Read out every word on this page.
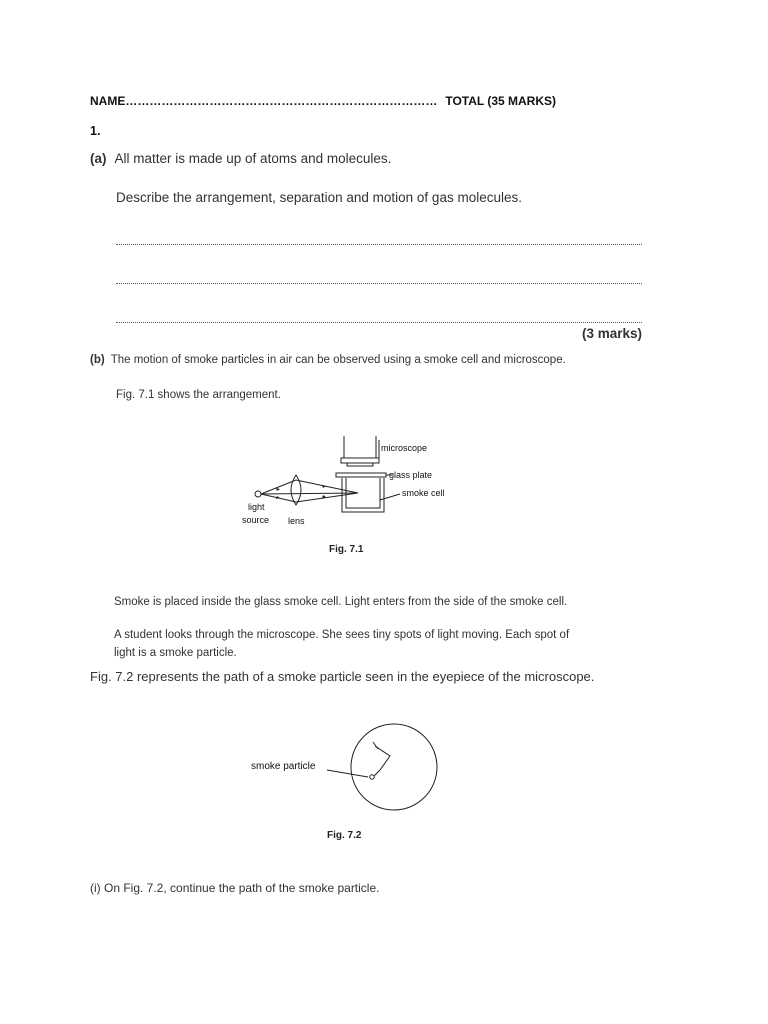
NAME…………………………………………………………………… TOTAL (35 MARKS)
1.
(a) All matter is made up of atoms and molecules.
Describe the arrangement, separation and motion of gas molecules.
(3 marks)
(b) The motion of smoke particles in air can be observed using a smoke cell and microscope.
Fig. 7.1 shows the arrangement.
microscope
glass plate
smoke cell
light
source lens
Fig. 7.1
Smoke is placed inside the glass smoke cell. Light enters from the side of the smoke cell.
A student looks through the microscope. She sees tiny spots of light moving. Each spot of
light is a smoke particle.
Fig. 7.2 represents the path of a smoke particle seen in the eyepiece of the microscope.
smoke particle
Fig. 7.2
(i) On Fig. 7.2, continue the path of the smoke particle.
